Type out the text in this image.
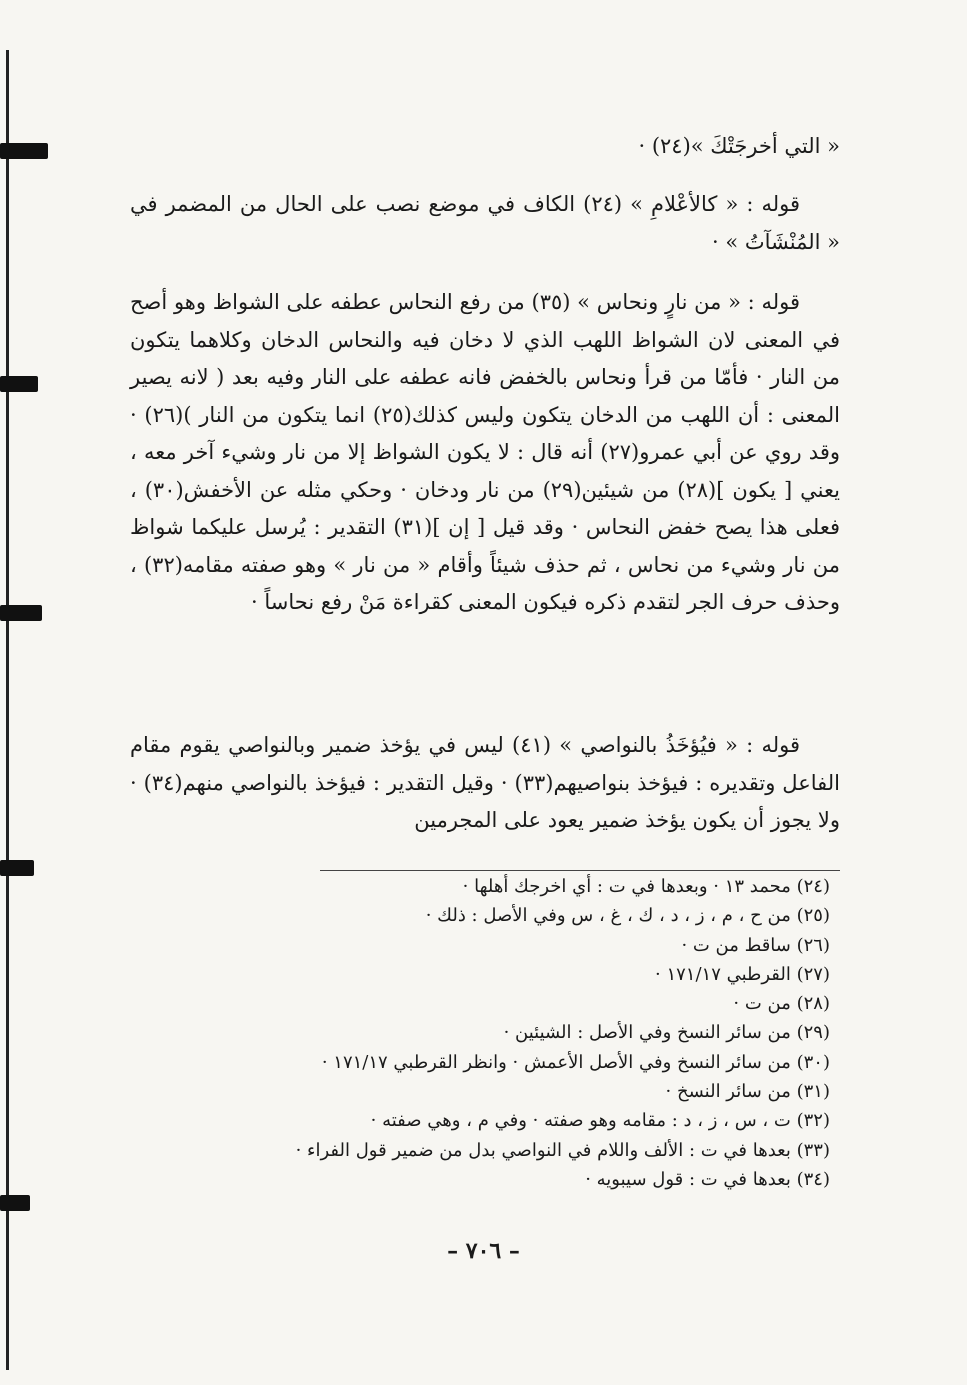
« التي أخرجَتْكَ »(٢٤) ·

قوله : « كالأعْلامِ » (٢٤) الكاف في موضع نصب على الحال من المضمر في « المُنْشَآتُ » ·

قوله : « من نارٍ ونحاس » (٣٥) من رفع النحاس عطفه على الشواظ وهو أصح في المعنى لان الشواظ اللهب الذي لا دخان فيه والنحاس الدخان وكلاهما يتكون من النار · فأمّا من قرأ ونحاس بالخفض فانه عطفه على النار وفيه بعد ( لانه يصير المعنى : أن اللهب من الدخان يتكون وليس كذلك(٢٥) انما يتكون من النار )(٢٦) · وقد روي عن أبي عمرو(٢٧) أنه قال : لا يكون الشواظ إلا من نار وشيء آخر معه ، يعني [ يكون ](٢٨) من شيئين(٢٩) من نار ودخان · وحكي مثله عن الأخفش(٣٠) ، فعلى هذا يصح خفض النحاس · وقد قيل [ إن ](٣١) التقدير : يُرسل عليكما شواظ من نار وشيء من نحاس ، ثم حذف شيئاً وأقام « من نار » وهو صفته مقامه(٣٢) ، وحذف حرف الجر لتقدم ذكره فيكون المعنى كقراءة مَنْ رفع نحاساً ·

قوله : « فيُؤخَذُ بالنواصي » (٤١) ليس في يؤخذ ضمير وبالنواصي يقوم مقام الفاعل وتقديره : فيؤخذ بنواصيهم(٣٣) · وقيل التقدير : فيؤخذ بالنواصي منهم(٣٤) · ولا يجوز أن يكون يؤخذ ضمير يعود على المجرمين

(٢٤) محمد ١٣ · وبعدها في ت : أي اخرجك أهلها ·
(٢٥) من ح ، م ، ز ، د ، ك ، غ ، س وفي الأصل : ذلك ·
(٢٦) ساقط من ت ·
(٢٧) القرطبي ١٧١/١٧ ·
(٢٨) من ت ·
(٢٩) من سائر النسخ وفي الأصل : الشيئين ·
(٣٠) من سائر النسخ وفي الأصل الأعمش · وانظر القرطبي ١٧١/١٧ ·
(٣١) من سائر النسخ ·
(٣٢) ت ، س ، ز ، د : مقامه وهو صفته · وفي م ، وهي صفته ·
(٣٣) بعدها في ت : الألف واللام في النواصي بدل من ضمير قول الفراء ·
(٣٤) بعدها في ت : قول سيبويه ·
– ٧٠٦ –
